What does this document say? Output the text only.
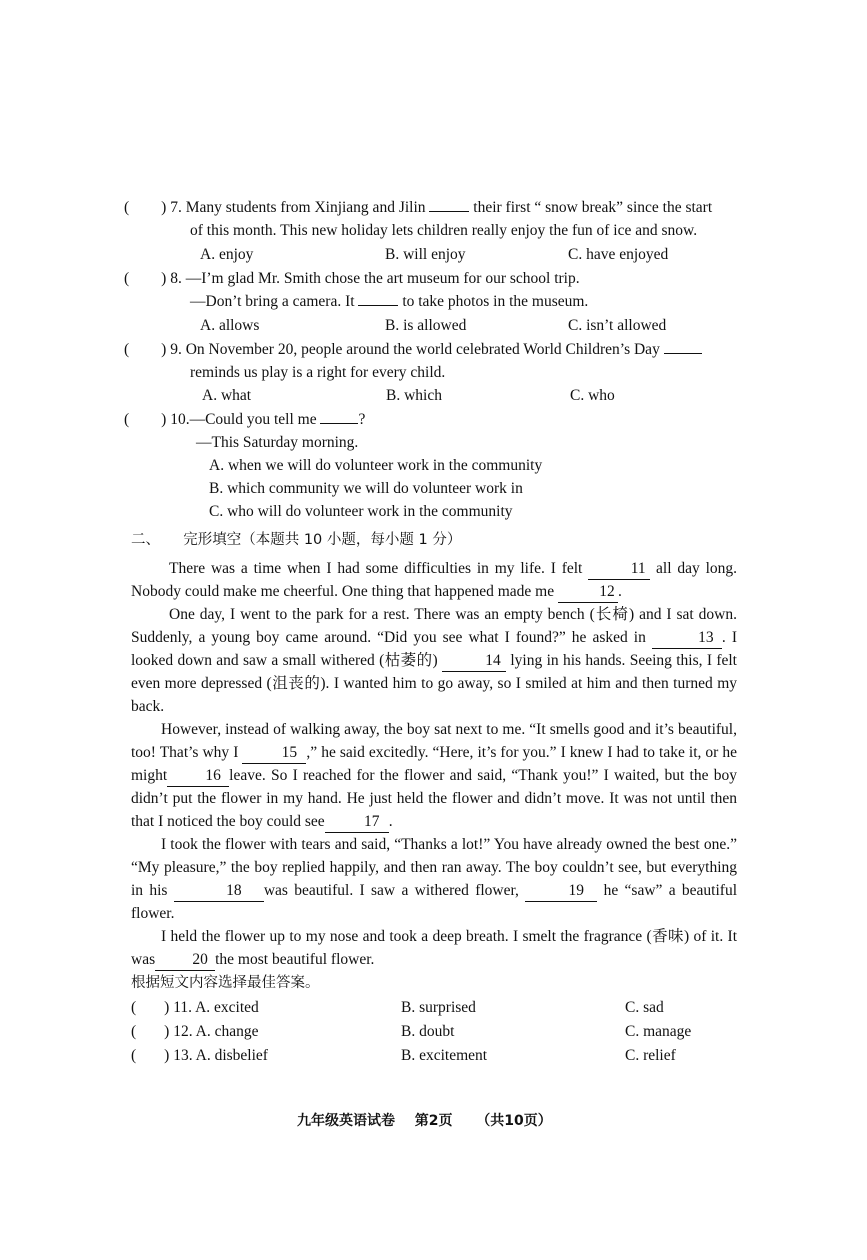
( ) 7. Many students from Xinjiang and Jilin	their first “ snow break” since the start
of this month. This new holiday lets children really enjoy the fun of ice and snow.
A. enjoy	B. will enjoy	C. have enjoyed
( ) 8. —I’m glad Mr. Smith chose the art museum for our school trip.
—Don’t bring a camera. It	to take photos in the museum.
A. allows	B. is allowed	C. isn’t allowed
( ) 9. On November 20, people around the world celebrated World Children’s Day
reminds us play is a right for every child.
A. what	B. which	C. who
( ) 10.—Could you tell me	?
—This Saturday morning.
A. when we will do volunteer work in the community
B. which community we will do volunteer work in
C. who will do volunteer work in the community
二、 完形填空（本题共 10 小题，每小题 1 分）

There was a time when I had some difficulties in my life. I felt	11 all day long. Nobody could make me cheerful. One thing that happened made me	12 .

One day, I went to the park for a rest. There was an empty bench (长椅) and I sat down. Suddenly, a young boy came around. “Did you see what I found?” he asked in	13 . I looked down and saw a small withered (枯萎的)	14 lying in his hands. Seeing this, I felt even more depressed (沮丧的). I wanted him to go away, so I smiled at him and then turned my back.

However, instead of walking away, the boy sat next to me. “It smells good and it’s beautiful, too! That’s why I	15 ,” he said excitedly. “Here, it’s for you.” I knew I had to take it, or he might 16 leave. So I reached for the flower and said, “Thank you!” I waited, but the boy didn’t put the flower in my hand. He just held the flower and didn’t move. It was not until then that I noticed the boy could see	17 .

I took the flower with tears and said, “Thanks a lot!” You have already owned the best one.” “My pleasure,” the boy replied happily, and then ran away. The boy couldn’t see, but everything in his	18 was beautiful. I saw a withered flower,	19 he “saw” a beautiful flower.

I held the flower up to my nose and took a deep breath. I smelt the fragrance (香味) of it. It was 20 the most beautiful flower.

根据短文内容选择最佳答案。
( ) 11. A. excited	B. surprised	C. sad
( ) 12. A. change	B. doubt	C. manage
( ) 13. A. disbelief	B. excitement	C. relief
九年级英语试卷 第2页 （共10页）
